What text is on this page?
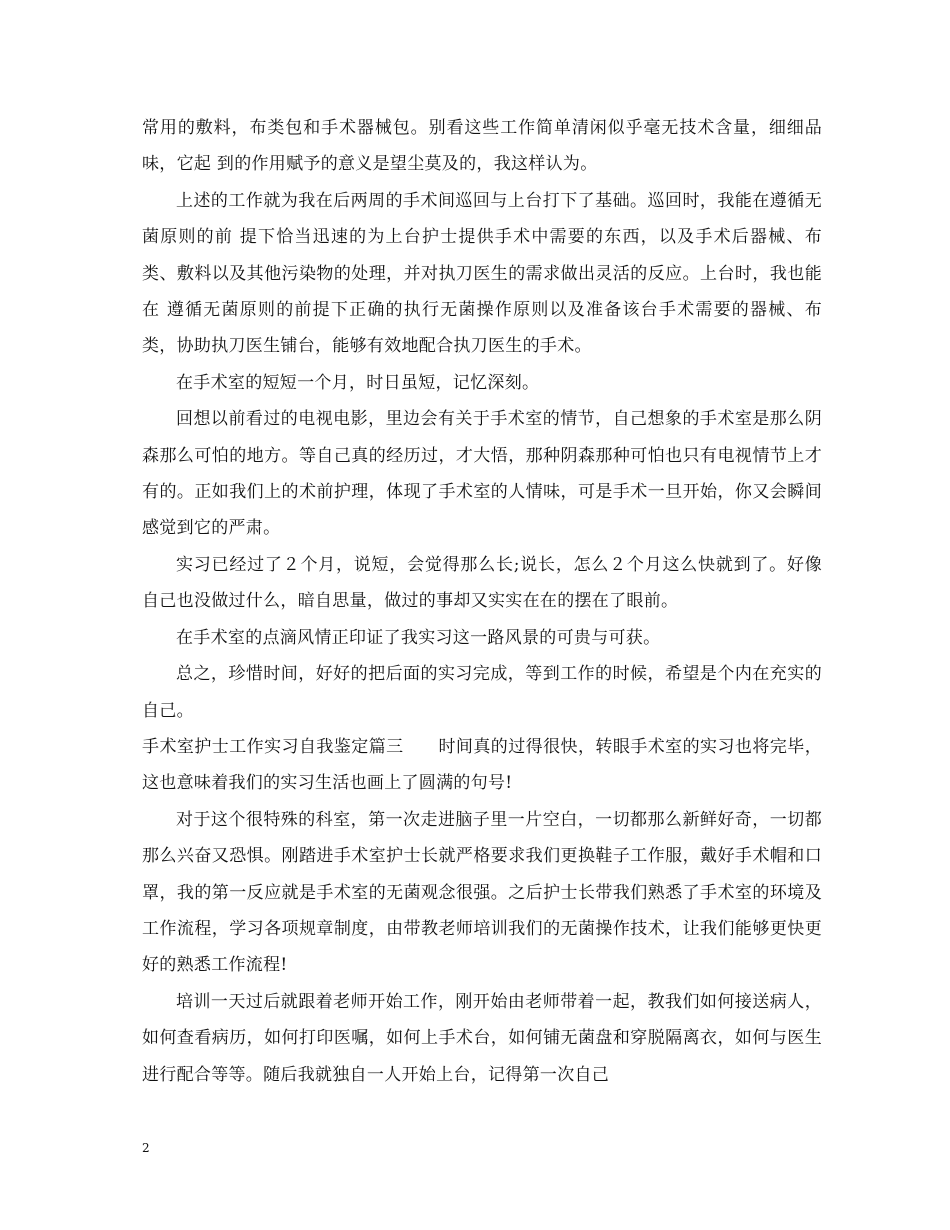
常用的敷料，布类包和手术器械包。别看这些工作简单清闲似乎毫无技术含量，细细品味，它起 到的作用赋予的意义是望尘莫及的，我这样认为。

上述的工作就为我在后两周的手术间巡回与上台打下了基础。巡回时，我能在遵循无菌原则的前 提下恰当迅速的为上台护士提供手术中需要的东西，以及手术后器械、布类、敷料以及其他污染物的处理，并对执刀医生的需求做出灵活的反应。上台时，我也能在 遵循无菌原则的前提下正确的执行无菌操作原则以及准备该台手术需要的器械、布类，协助执刀医生铺台，能够有效地配合执刀医生的手术。

在手术室的短短一个月，时日虽短，记忆深刻。

回想以前看过的电视电影，里边会有关于手术室的情节，自己想象的手术室是那么阴森那么可怕的地方。等自己真的经历过，才大悟，那种阴森那种可怕也只有电视情节上才有的。正如我们上的术前护理，体现了手术室的人情味，可是手术一旦开始，你又会瞬间感觉到它的严肃。

实习已经过了２个月，说短，会觉得那么长;说长，怎么２个月这么快就到了。好像自己也没做过什么，暗自思量，做过的事却又实实在在的摆在了眼前。

在手术室的点滴风情正印证了我实习这一路风景的可贵与可获。

总之，珍惜时间，好好的把后面的实习完成，等到工作的时候，希望是个内在充实的自己。

手术室护士工作实习自我鉴定篇三　　时间真的过得很快，转眼手术室的实习也将完毕，这也意味着我们的实习生活也画上了圆满的句号!

对于这个很特殊的科室，第一次走进脑子里一片空白，一切都那么新鲜好奇，一切都那么兴奋又恐惧。刚踏进手术室护士长就严格要求我们更换鞋子工作服，戴好手术帽和口罩，我的第一反应就是手术室的无菌观念很强。之后护士长带我们熟悉了手术室的环境及工作流程，学习各项规章制度，由带教老师培训我们的无菌操作技术，让我们能够更快更好的熟悉工作流程!

培训一天过后就跟着老师开始工作，刚开始由老师带着一起，教我们如何接送病人，如何查看病历，如何打印医嘱，如何上手术台，如何铺无菌盘和穿脱隔离衣，如何与医生进行配合等等。随后我就独自一人开始上台，记得第一次自己

2
